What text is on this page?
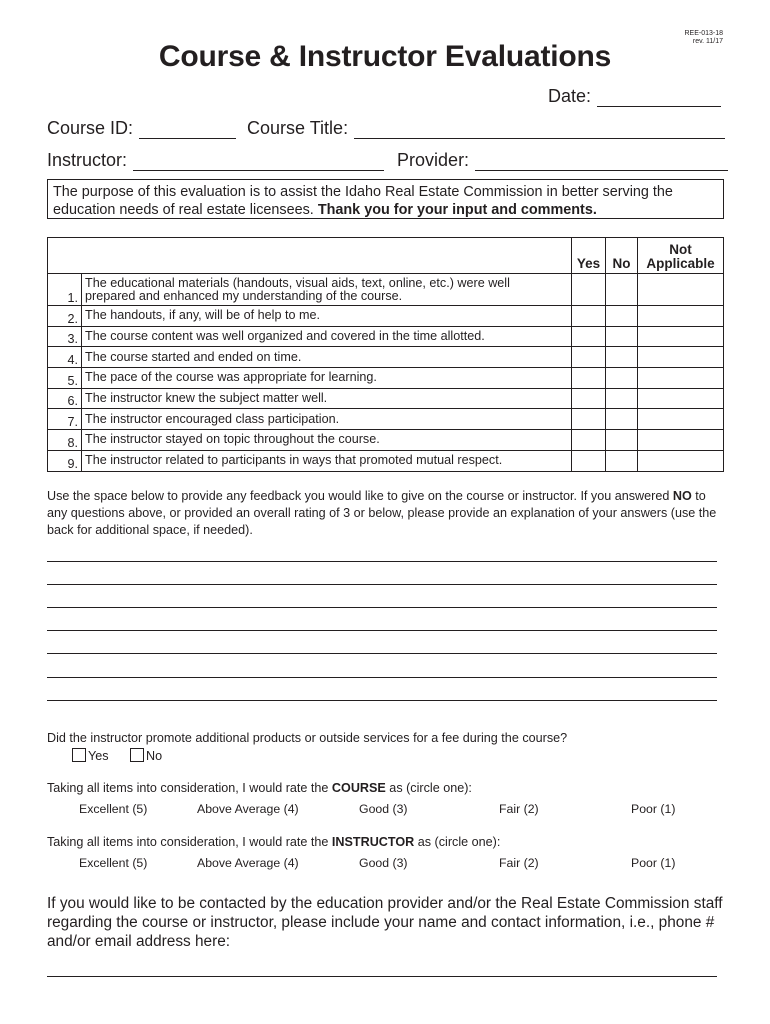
REE-013-18
rev. 11/17
Course & Instructor Evaluations
Date:
Course ID:	Course Title:
Instructor:	Provider:
The purpose of this evaluation is to assist the Idaho Real Estate Commission in better serving the education needs of real estate licensees. Thank you for your input and comments.
		Yes	No	Not
Applicable
1.	The educational materials (handouts, visual aids, text, online, etc.) were well
prepared and enhanced my understanding of the course.			
2.	The handouts, if any, will be of help to me.			
3.	The course content was well organized and covered in the time allotted.			
4.	The course started and ended on time.			
5.	The pace of the course was appropriate for learning.			
6.	The instructor knew the subject matter well.			
7.	The instructor encouraged class participation.			
8.	The instructor stayed on topic throughout the course.			
9.	The instructor related to participants in ways that promoted mutual respect.			
Use the space below to provide any feedback you would like to give on the course or instructor. If you answered NO to any questions above, or provided an overall rating of 3 or below, please provide an explanation of your answers (use the back for additional space, if needed).
Did the instructor promote additional products or outside services for a fee during the course?
Yes	No
Taking all items into consideration, I would rate the COURSE as (circle one):
Excellent (5)	Above Average (4)	Good (3)	Fair (2)	Poor (1)
Taking all items into consideration, I would rate the INSTRUCTOR as (circle one):
Excellent (5)	Above Average (4)	Good (3)	Fair (2)	Poor (1)
If you would like to be contacted by the education provider and/or the Real Estate Commission staff regarding the course or instructor, please include your name and contact information, i.e., phone # and/or email address here:
